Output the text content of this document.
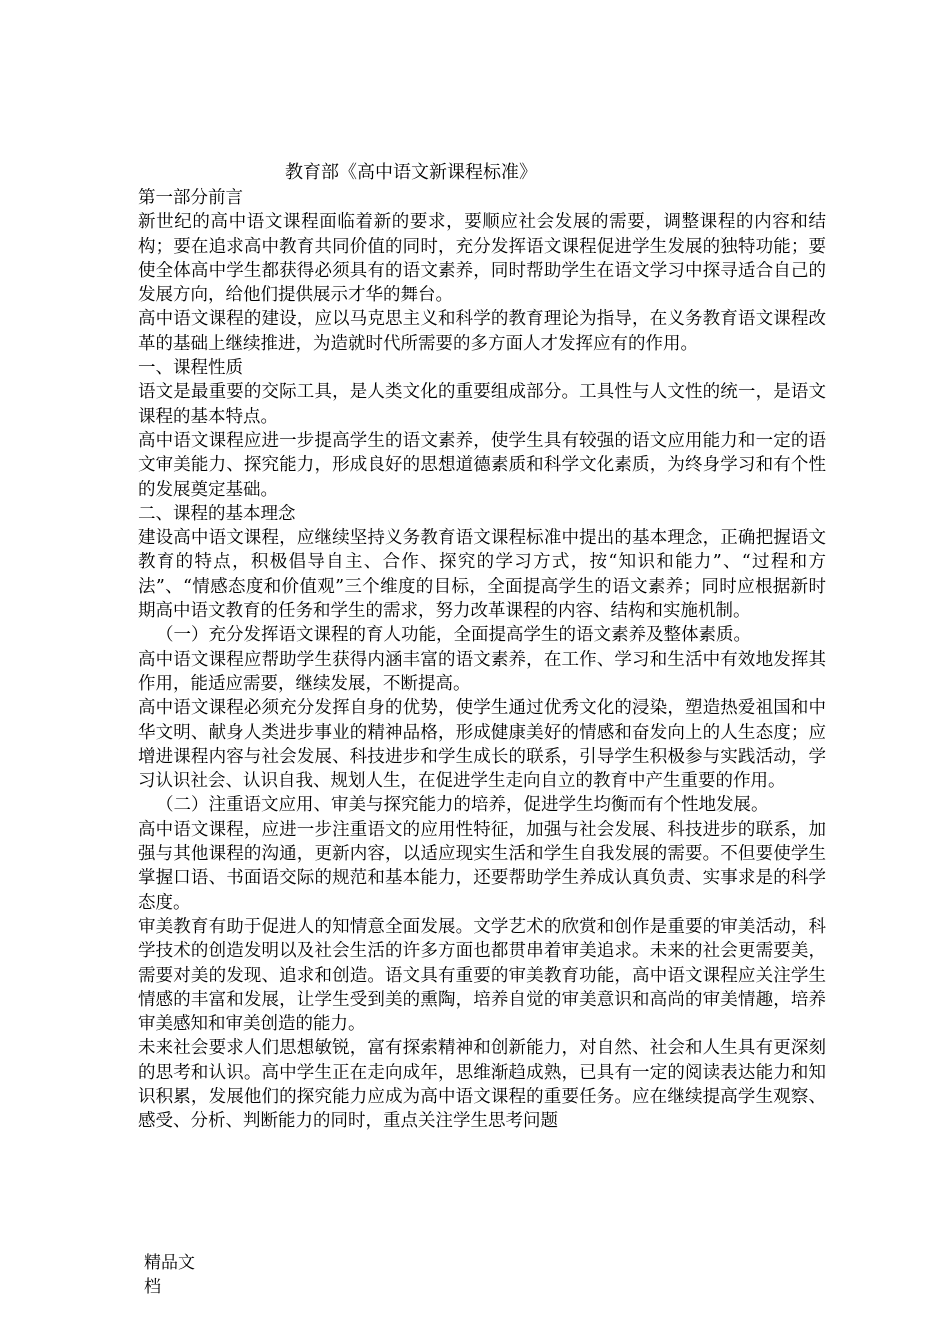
教育部《高中语文新课程标准》

第一部分前言

新世纪的高中语文课程面临着新的要求，要顺应社会发展的需要，调整课程的内容和结构；要在追求高中教育共同价值的同时，充分发挥语文课程促进学生发展的独特功能；要使全体高中学生都获得必须具有的语文素养，同时帮助学生在语文学习中探寻适合自己的发展方向，给他们提供展示才华的舞台。

高中语文课程的建设，应以马克思主义和科学的教育理论为指导，在义务教育语文课程改革的基础上继续推进，为造就时代所需要的多方面人才发挥应有的作用。

一、课程性质

语文是最重要的交际工具，是人类文化的重要组成部分。工具性与人文性的统一，是语文课程的基本特点。

高中语文课程应进一步提高学生的语文素养，使学生具有较强的语文应用能力和一定的语文审美能力、探究能力，形成良好的思想道德素质和科学文化素质，为终身学习和有个性的发展奠定基础。

二、课程的基本理念

建设高中语文课程，应继续坚持义务教育语文课程标准中提出的基本理念，正确把握语文教育的特点，积极倡导自主、合作、探究的学习方式，按“知识和能力”、“过程和方法”、“情感态度和价值观”三个维度的目标，全面提高学生的语文素养；同时应根据新时期高中语文教育的任务和学生的需求，努力改革课程的内容、结构和实施机制。

（一）充分发挥语文课程的育人功能，全面提高学生的语文素养及整体素质。

高中语文课程应帮助学生获得内涵丰富的语文素养，在工作、学习和生活中有效地发挥其作用，能适应需要，继续发展，不断提高。

高中语文课程必须充分发挥自身的优势，使学生通过优秀文化的浸染，塑造热爱祖国和中华文明、献身人类进步事业的精神品格，形成健康美好的情感和奋发向上的人生态度；应增进课程内容与社会发展、科技进步和学生成长的联系，引导学生积极参与实践活动，学习认识社会、认识自我、规划人生，在促进学生走向自立的教育中产生重要的作用。

（二）注重语文应用、审美与探究能力的培养，促进学生均衡而有个性地发展。

高中语文课程，应进一步注重语文的应用性特征，加强与社会发展、科技进步的联系，加强与其他课程的沟通，更新内容，以适应现实生活和学生自我发展的需要。不但要使学生掌握口语、书面语交际的规范和基本能力，还要帮助学生养成认真负责、实事求是的科学态度。

审美教育有助于促进人的知情意全面发展。文学艺术的欣赏和创作是重要的审美活动，科学技术的创造发明以及社会生活的许多方面也都贯串着审美追求。未来的社会更需要美，需要对美的发现、追求和创造。语文具有重要的审美教育功能，高中语文课程应关注学生情感的丰富和发展，让学生受到美的熏陶，培养自觉的审美意识和高尚的审美情趣，培养审美感知和审美创造的能力。

未来社会要求人们思想敏锐，富有探索精神和创新能力，对自然、社会和人生具有更深刻的思考和认识。高中学生正在走向成年，思维渐趋成熟，已具有一定的阅读表达能力和知识积累，发展他们的探究能力应成为高中语文课程的重要任务。应在继续提高学生观察、感受、分析、判断能力的同时，重点关注学生思考问题

精品文档
